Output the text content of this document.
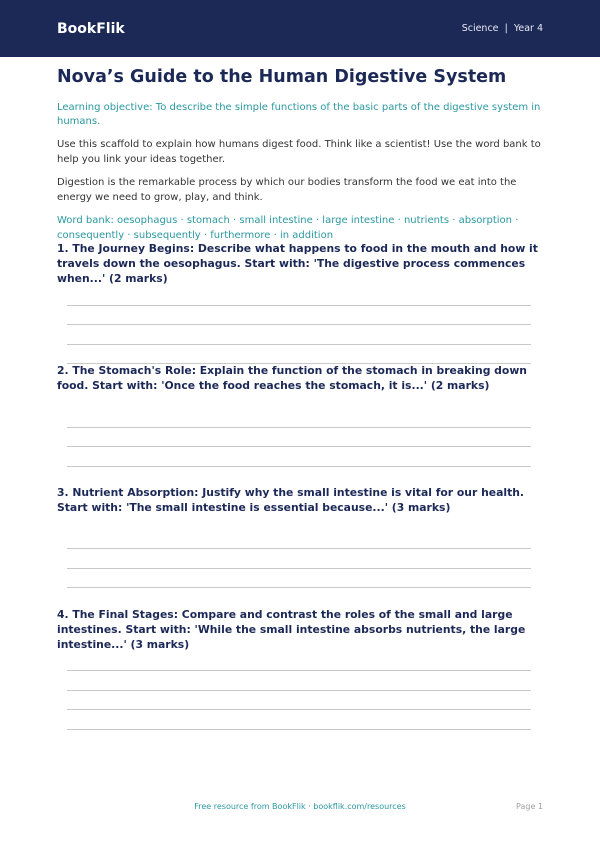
BookFlik	Science | Year 4
Nova’s Guide to the Human Digestive System
Learning objective: To describe the simple functions of the basic parts of the digestive system in humans.
Use this scaffold to explain how humans digest food. Think like a scientist! Use the word bank to help you link your ideas together.
Digestion is the remarkable process by which our bodies transform the food we eat into the energy we need to grow, play, and think.
Word bank: oesophagus · stomach · small intestine · large intestine · nutrients · absorption · consequently · subsequently · furthermore · in addition

1. The Journey Begins: Describe what happens to food in the mouth and how it travels down the oesophagus. Start with: 'The digestive process commences when...' (2 marks)

2. The Stomach's Role: Explain the function of the stomach in breaking down food. Start with: 'Once the food reaches the stomach, it is...' (2 marks)

3. Nutrient Absorption: Justify why the small intestine is vital for our health. Start with: 'The small intestine is essential because...' (3 marks)

4. The Final Stages: Compare and contrast the roles of the small and large intestines. Start with: 'While the small intestine absorbs nutrients, the large intestine...' (3 marks)

Free resource from BookFlik · bookflik.com/resources	Page 1
